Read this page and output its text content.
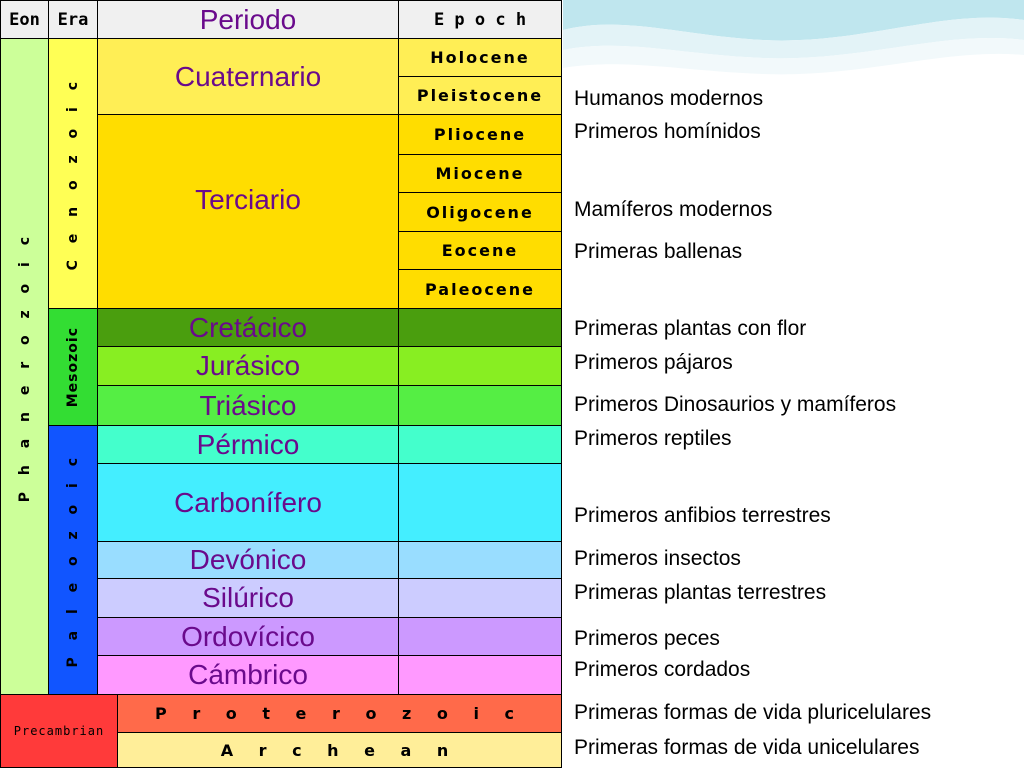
Eon Era	Periodo	E p o c h
P h a n e r o z o i c
C e n o z o i c
Mesozoic
P a l e o z o i c
Cuaternario
Terciario
Cretácico
Jurásico
Triásico
Pérmico
Carbonífero
Devónico
Silúrico
Ordovícico
Cámbrico
Holocene
Pleistocene
Pliocene
Miocene
Oligocene
Eocene
Paleocene
Precambrian
P r o t e r o z o i c
A r c h e a n
Humanos modernos
Primeros homínidos
Mamíferos modernos
Primeras ballenas
Primeras plantas con flor
Primeros pájaros
Primeros Dinosaurios y mamíferos
Primeros reptiles
Primeros anfibios terrestres
Primeros insectos
Primeras plantas terrestres
Primeros peces
Primeros cordados
Primeras formas de vida pluricelulares
Primeras formas de vida unicelulares
